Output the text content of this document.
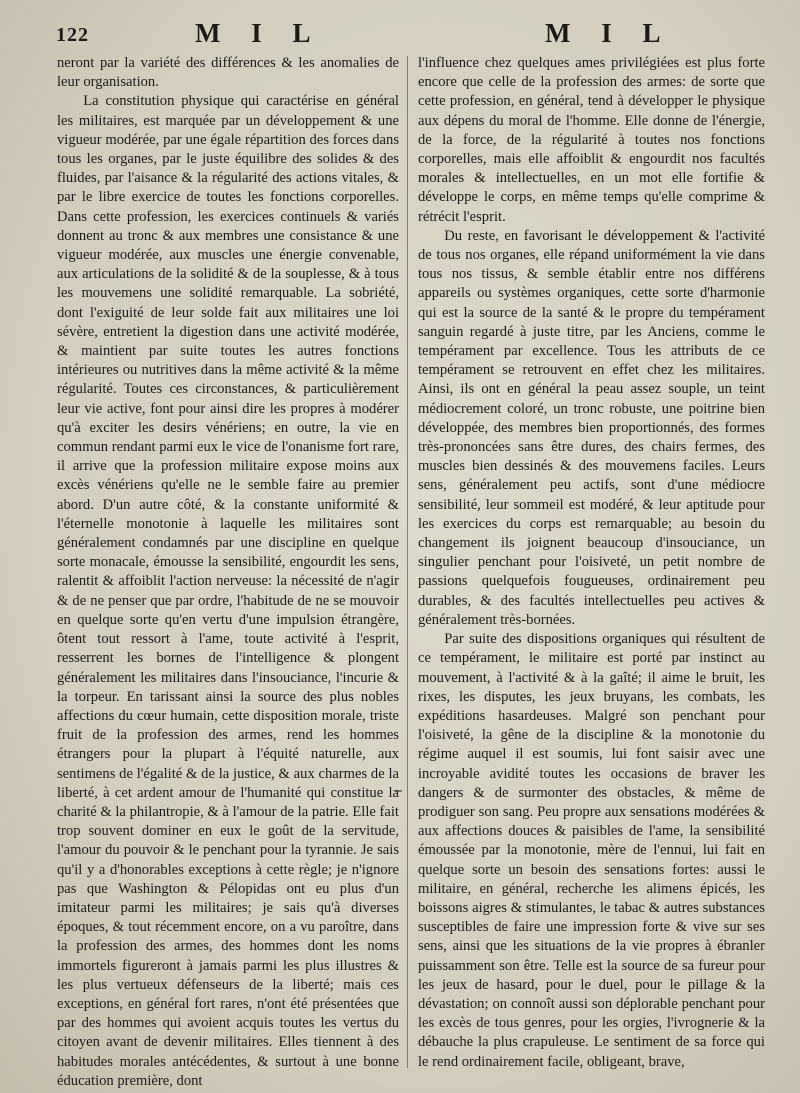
122	M I L	M I L

neront par la variété des différences & les anomalies de leur organisation.

La constitution physique qui caractérise en général les militaires, est marquée par un développement & une vigueur modérée, par une égale répartition des forces dans tous les organes, par le juste équilibre des solides & des fluides, par l'aisance & la régularité des actions vitales, & par le libre exercice de toutes les fonctions corporelles. Dans cette profession, les exercices continuels & variés donnent au tronc & aux membres une consistance & une vigueur modérée, aux muscles une énergie convenable, aux articulations de la solidité & de la souplesse, & à tous les mouvemens une solidité remarquable. La sobriété, dont l'exiguité de leur solde fait aux militaires une loi sévère, entretient la digestion dans une activité modérée, & maintient par suite toutes les autres fonctions intérieures ou nutritives dans la même activité & la même régularité. Toutes ces circonstances, & particulièrement leur vie active, font pour ainsi dire les propres à modérer qu'à exciter les desirs vénériens; en outre, la vie en commun rendant parmi eux le vice de l'onanisme fort rare, il arrive que la profession militaire expose moins aux excès vénériens qu'elle ne le semble faire au premier abord. D'un autre côté, & la constante uniformité & l'éternelle monotonie à laquelle les militaires sont généralement condamnés par une discipline en quelque sorte monacale, émousse la sensibilité, engourdit les sens, ralentit & affoiblit l'action nerveuse: la nécessité de n'agir & de ne penser que par ordre, l'habitude de ne se mouvoir en quelque sorte qu'en vertu d'une impulsion étrangère, ôtent tout ressort à l'ame, toute activité à l'esprit, resserrent les bornes de l'intelligence & plongent généralement les militaires dans l'insouciance, l'incurie & la torpeur. En tarissant ainsi la source des plus nobles affections du cœur humain, cette disposition morale, triste fruit de la profession des armes, rend les hommes étrangers pour la plupart à l'équité naturelle, aux sentimens de l'égalité & de la justice, & aux charmes de la liberté, à cet ardent amour de l'humanité qui constitue la charité & la philantropie, & à l'amour de la patrie. Elle fait trop souvent dominer en eux le goût de la servitude, l'amour du pouvoir & le penchant pour la tyrannie. Je sais qu'il y a d'honorables exceptions à cette règle; je n'ignore pas que Washington & Pélopidas ont eu plus d'un imitateur parmi les militaires; je sais qu'à diverses époques, & tout récemment encore, on a vu paroître, dans la profession des armes, des hommes dont les noms immortels figureront à jamais parmi les plus illustres & les plus vertueux défenseurs de la liberté; mais ces exceptions, en général fort rares, n'ont été présentées que par des hommes qui avoient acquis toutes les vertus du citoyen avant de devenir militaires. Elles tiennent à des habitudes morales antécédentes, & surtout à une bonne éducation première, dont

l'influence chez quelques ames privilégiées est plus forte encore que celle de la profession des armes: de sorte que cette profession, en général, tend à développer le physique aux dépens du moral de l'homme. Elle donne de l'énergie, de la force, de la régularité à toutes nos fonctions corporelles, mais elle affoiblit & engourdit nos facultés morales & intellectuelles, en un mot elle fortifie & développe le corps, en même temps qu'elle comprime & rétrécit l'esprit.

Du reste, en favorisant le développement & l'activité de tous nos organes, elle répand uniformément la vie dans tous nos tissus, & semble établir entre nos différens appareils ou systèmes organiques, cette sorte d'harmonie qui est la source de la santé & le propre du tempérament sanguin regardé à juste titre, par les Anciens, comme le tempérament par excellence. Tous les attributs de ce tempérament se retrouvent en effet chez les militaires. Ainsi, ils ont en général la peau assez souple, un teint médiocrement coloré, un tronc robuste, une poitrine bien développée, des membres bien proportionnés, des formes très-prononcées sans être dures, des chairs fermes, des muscles bien dessinés & des mouvemens faciles. Leurs sens, généralement peu actifs, sont d'une médiocre sensibilité, leur sommeil est modéré, & leur aptitude pour les exercices du corps est remarquable; au besoin du changement ils joignent beaucoup d'insouciance, un singulier penchant pour l'oisiveté, un petit nombre de passions quelquefois fougueuses, ordinairement peu durables, & des facultés intellectuelles peu actives & généralement très-bornées.

Par suite des dispositions organiques qui résultent de ce tempérament, le militaire est porté par instinct au mouvement, à l'activité & à la gaîté; il aime le bruit, les rixes, les disputes, les jeux bruyans, les combats, les expéditions hasardeuses. Malgré son penchant pour l'oisiveté, la gêne de la discipline & la monotonie du régime auquel il est soumis, lui font saisir avec une incroyable avidité toutes les occasions de braver les dangers & de surmonter des obstacles, & même de prodiguer son sang. Peu propre aux sensations modérées & aux affections douces & paisibles de l'ame, la sensibilité émoussée par la monotonie, mère de l'ennui, lui fait en quelque sorte un besoin des sensations fortes: aussi le militaire, en général, recherche les alimens épicés, les boissons aigres & stimulantes, le tabac & autres substances susceptibles de faire une impression forte & vive sur ses sens, ainsi que les situations de la vie propres à ébranler puissamment son être. Telle est la source de sa fureur pour les jeux de hasard, pour le duel, pour le pillage & la dévastation; on connoît aussi son déplorable penchant pour les excès de tous genres, pour les orgies, l'ivrognerie & la débauche la plus crapuleuse. Le sentiment de sa force qui le rend ordinairement facile, obligeant, brave,
